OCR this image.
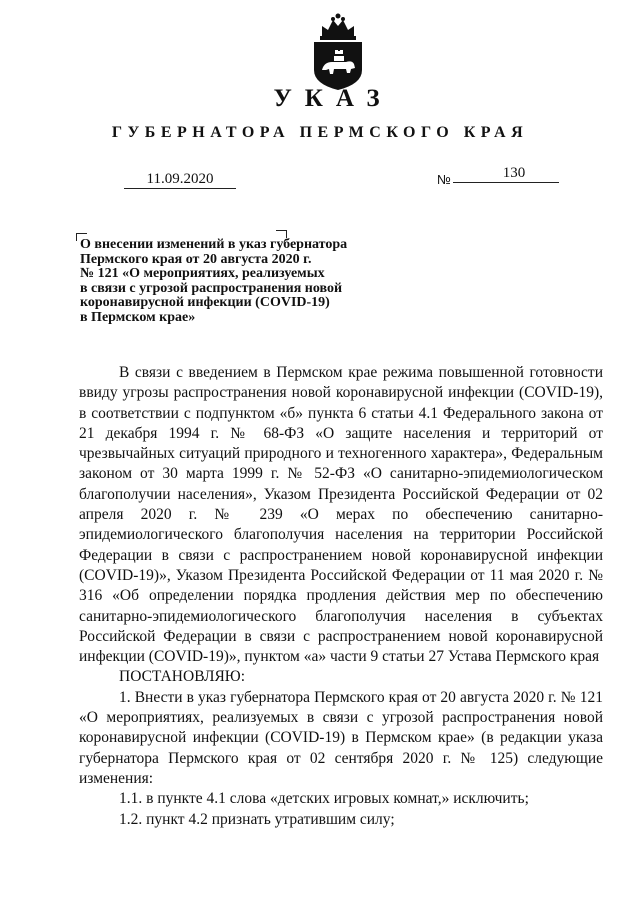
УКАЗ
ГУБЕРНАТОРА ПЕРМСКОГО КРАЯ
11.09.2020	№	130
О внесении изменений в указ губернатора
Пермского края от 20 августа 2020 г.
№ 121 «О мероприятиях, реализуемых
в связи с угрозой распространения новой
коронавирусной инфекции (COVID-19)
в Пермском крае»

В связи с введением в Пермском крае режима повышенной готовности ввиду угрозы распространения новой коронавирусной инфекции (COVID-19), в соответствии с подпунктом «б» пункта 6 статьи 4.1 Федерального закона от 21 декабря 1994 г. № 68-ФЗ «О защите населения и территорий от чрезвычайных ситуаций природного и техногенного характера», Федеральным законом от 30 марта 1999 г. № 52-ФЗ «О санитарно-эпидемиологическом благополучии населения», Указом Президента Российской Федерации от 02 апреля 2020 г. № 239 «О мерах по обеспечению санитарно-эпидемиологического благополучия населения на территории Российской Федерации в связи с распространением новой коронавирусной инфекции (COVID-19)», Указом Президента Российской Федерации от 11 мая 2020 г. № 316 «Об определении порядка продления действия мер по обеспечению санитарно-эпидемиологического благополучия населения в субъектах Российской Федерации в связи с распространением новой коронавирусной инфекции (COVID-19)», пунктом «а» части 9 статьи 27 Устава Пермского края

ПОСТАНОВЛЯЮ:

1. Внести в указ губернатора Пермского края от 20 августа 2020 г. № 121 «О мероприятиях, реализуемых в связи с угрозой распространения новой коронавирусной инфекции (COVID-19) в Пермском крае» (в редакции указа губернатора Пермского края от 02 сентября 2020 г. № 125) следующие изменения:

1.1. в пункте 4.1 слова «детских игровых комнат,» исключить;

1.2. пункт 4.2 признать утратившим силу;
